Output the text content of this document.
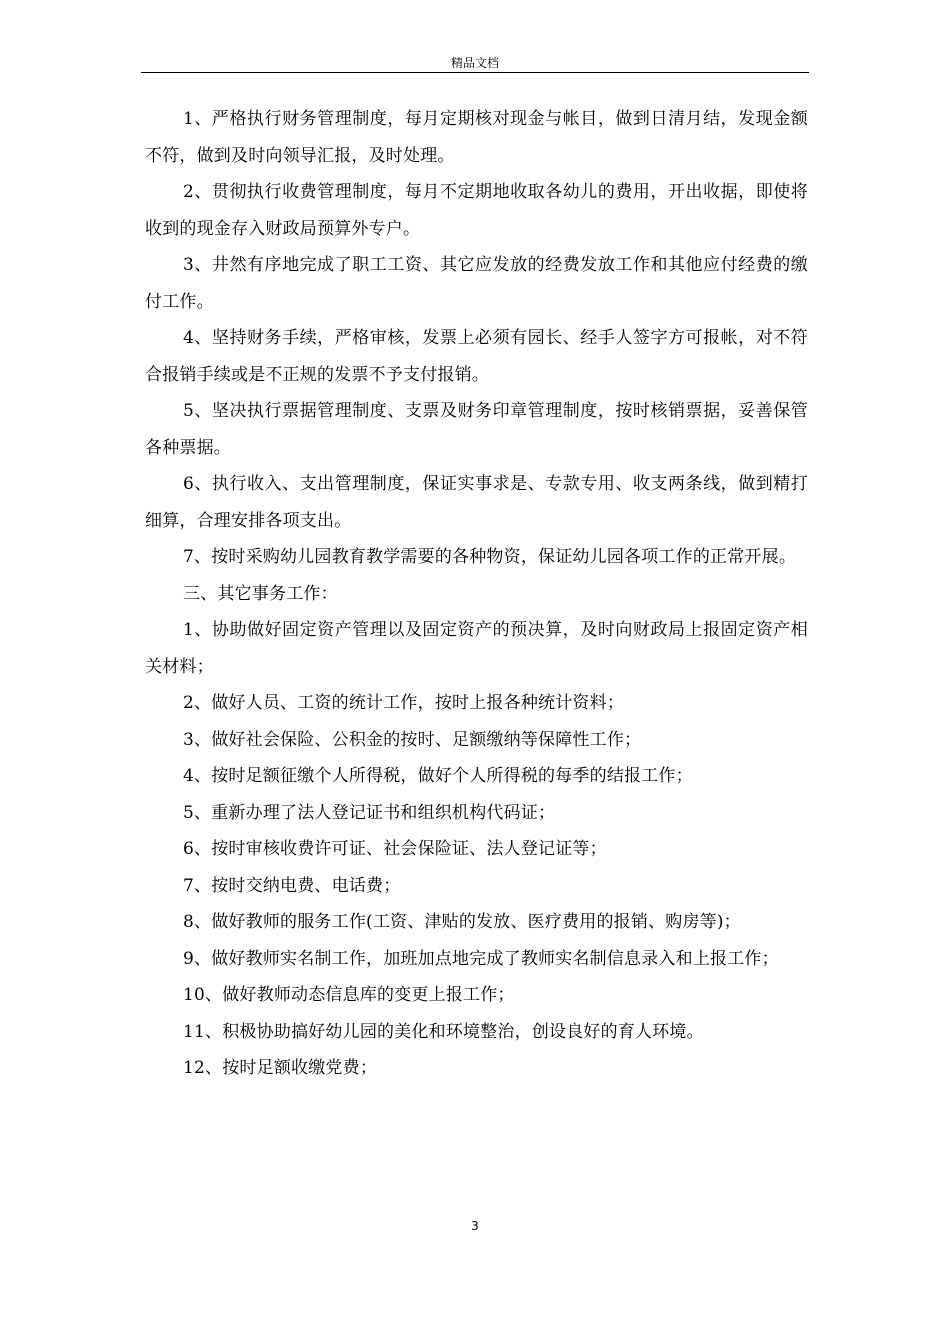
精品文档

1、严格执行财务管理制度，每月定期核对现金与帐目，做到日清月结，发现金额不符，做到及时向领导汇报，及时处理。

2、贯彻执行收费管理制度，每月不定期地收取各幼儿的费用，开出收据，即使将收到的现金存入财政局预算外专户。

3、井然有序地完成了职工工资、其它应发放的经费发放工作和其他应付经费的缴付工作。

4、坚持财务手续，严格审核，发票上必须有园长、经手人签字方可报帐，对不符合报销手续或是不正规的发票不予支付报销。

5、坚决执行票据管理制度、支票及财务印章管理制度，按时核销票据，妥善保管各种票据。

6、执行收入、支出管理制度，保证实事求是、专款专用、收支两条线，做到精打细算，合理安排各项支出。

7、按时采购幼儿园教育教学需要的各种物资，保证幼儿园各项工作的正常开展。

三、其它事务工作：

1、协助做好固定资产管理以及固定资产的预决算，及时向财政局上报固定资产相关材料；

2、做好人员、工资的统计工作，按时上报各种统计资料；

3、做好社会保险、公积金的按时、足额缴纳等保障性工作；

4、按时足额征缴个人所得税，做好个人所得税的每季的结报工作；

5、重新办理了法人登记证书和组织机构代码证；

6、按时审核收费许可证、社会保险证、法人登记证等；

7、按时交纳电费、电话费；

8、做好教师的服务工作(工资、津贴的发放、医疗费用的报销、购房等)；

9、做好教师实名制工作，加班加点地完成了教师实名制信息录入和上报工作；

10、做好教师动态信息库的变更上报工作；

11、积极协助搞好幼儿园的美化和环境整治，创设良好的育人环境。

12、按时足额收缴党费；

3
